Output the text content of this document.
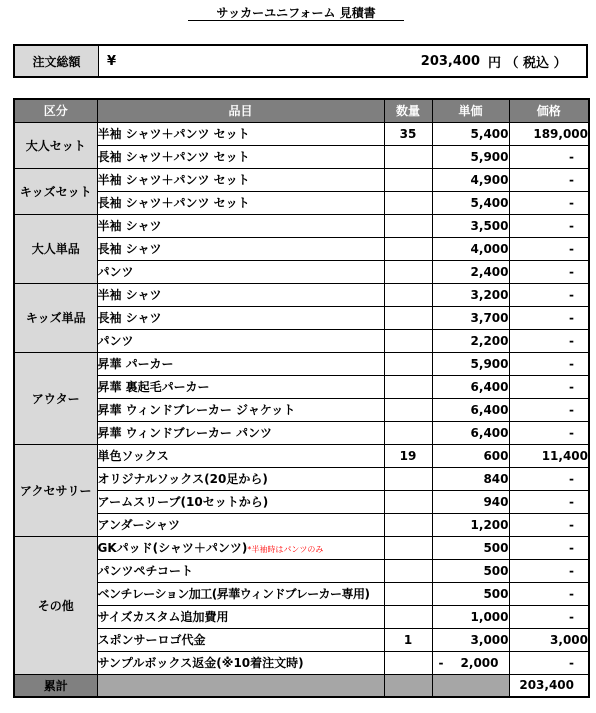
サッカーユニフォーム 見積書
注文総額	¥	203,400 円 （ 税込 ）
区分	品目	数量	単価	価格
大人セット	半袖 シャツ＋パンツ セット	35	5,400	189,000
	長袖 シャツ＋パンツ セット		5,900	-
キッズセット	半袖 シャツ＋パンツ セット		4,900	-
	長袖 シャツ＋パンツ セット		5,400	-
大人単品	半袖 シャツ		3,500	-
	長袖 シャツ		4,000	-
	パンツ		2,400	-
キッズ単品	半袖 シャツ		3,200	-
	長袖 シャツ		3,700	-
	パンツ		2,200	-
アウター	昇華 パーカー		5,900	-
	昇華 裏起毛パーカー		6,400	-
	昇華 ウィンドブレーカー ジャケット		6,400	-
	昇華 ウィンドブレーカー パンツ		6,400	-
アクセサリー	単色ソックス	19	600	11,400
	オリジナルソックス(20足から)		840	-
	アームスリーブ(10セットから)		940	-
	アンダーシャツ		1,200	-
その他	GKパッド(シャツ＋パンツ)*半袖時はパンツのみ		500	-
	パンツペチコート		500	-
	ベンチレーション加工(昇華ウィンドブレーカー専用)		500	-
	サイズカスタム追加費用		1,000	-
	スポンサーロゴ代金	1	3,000	3,000
	サンプルボックス返金(※10着注文時)		- 2,000	-
累計				203,400
